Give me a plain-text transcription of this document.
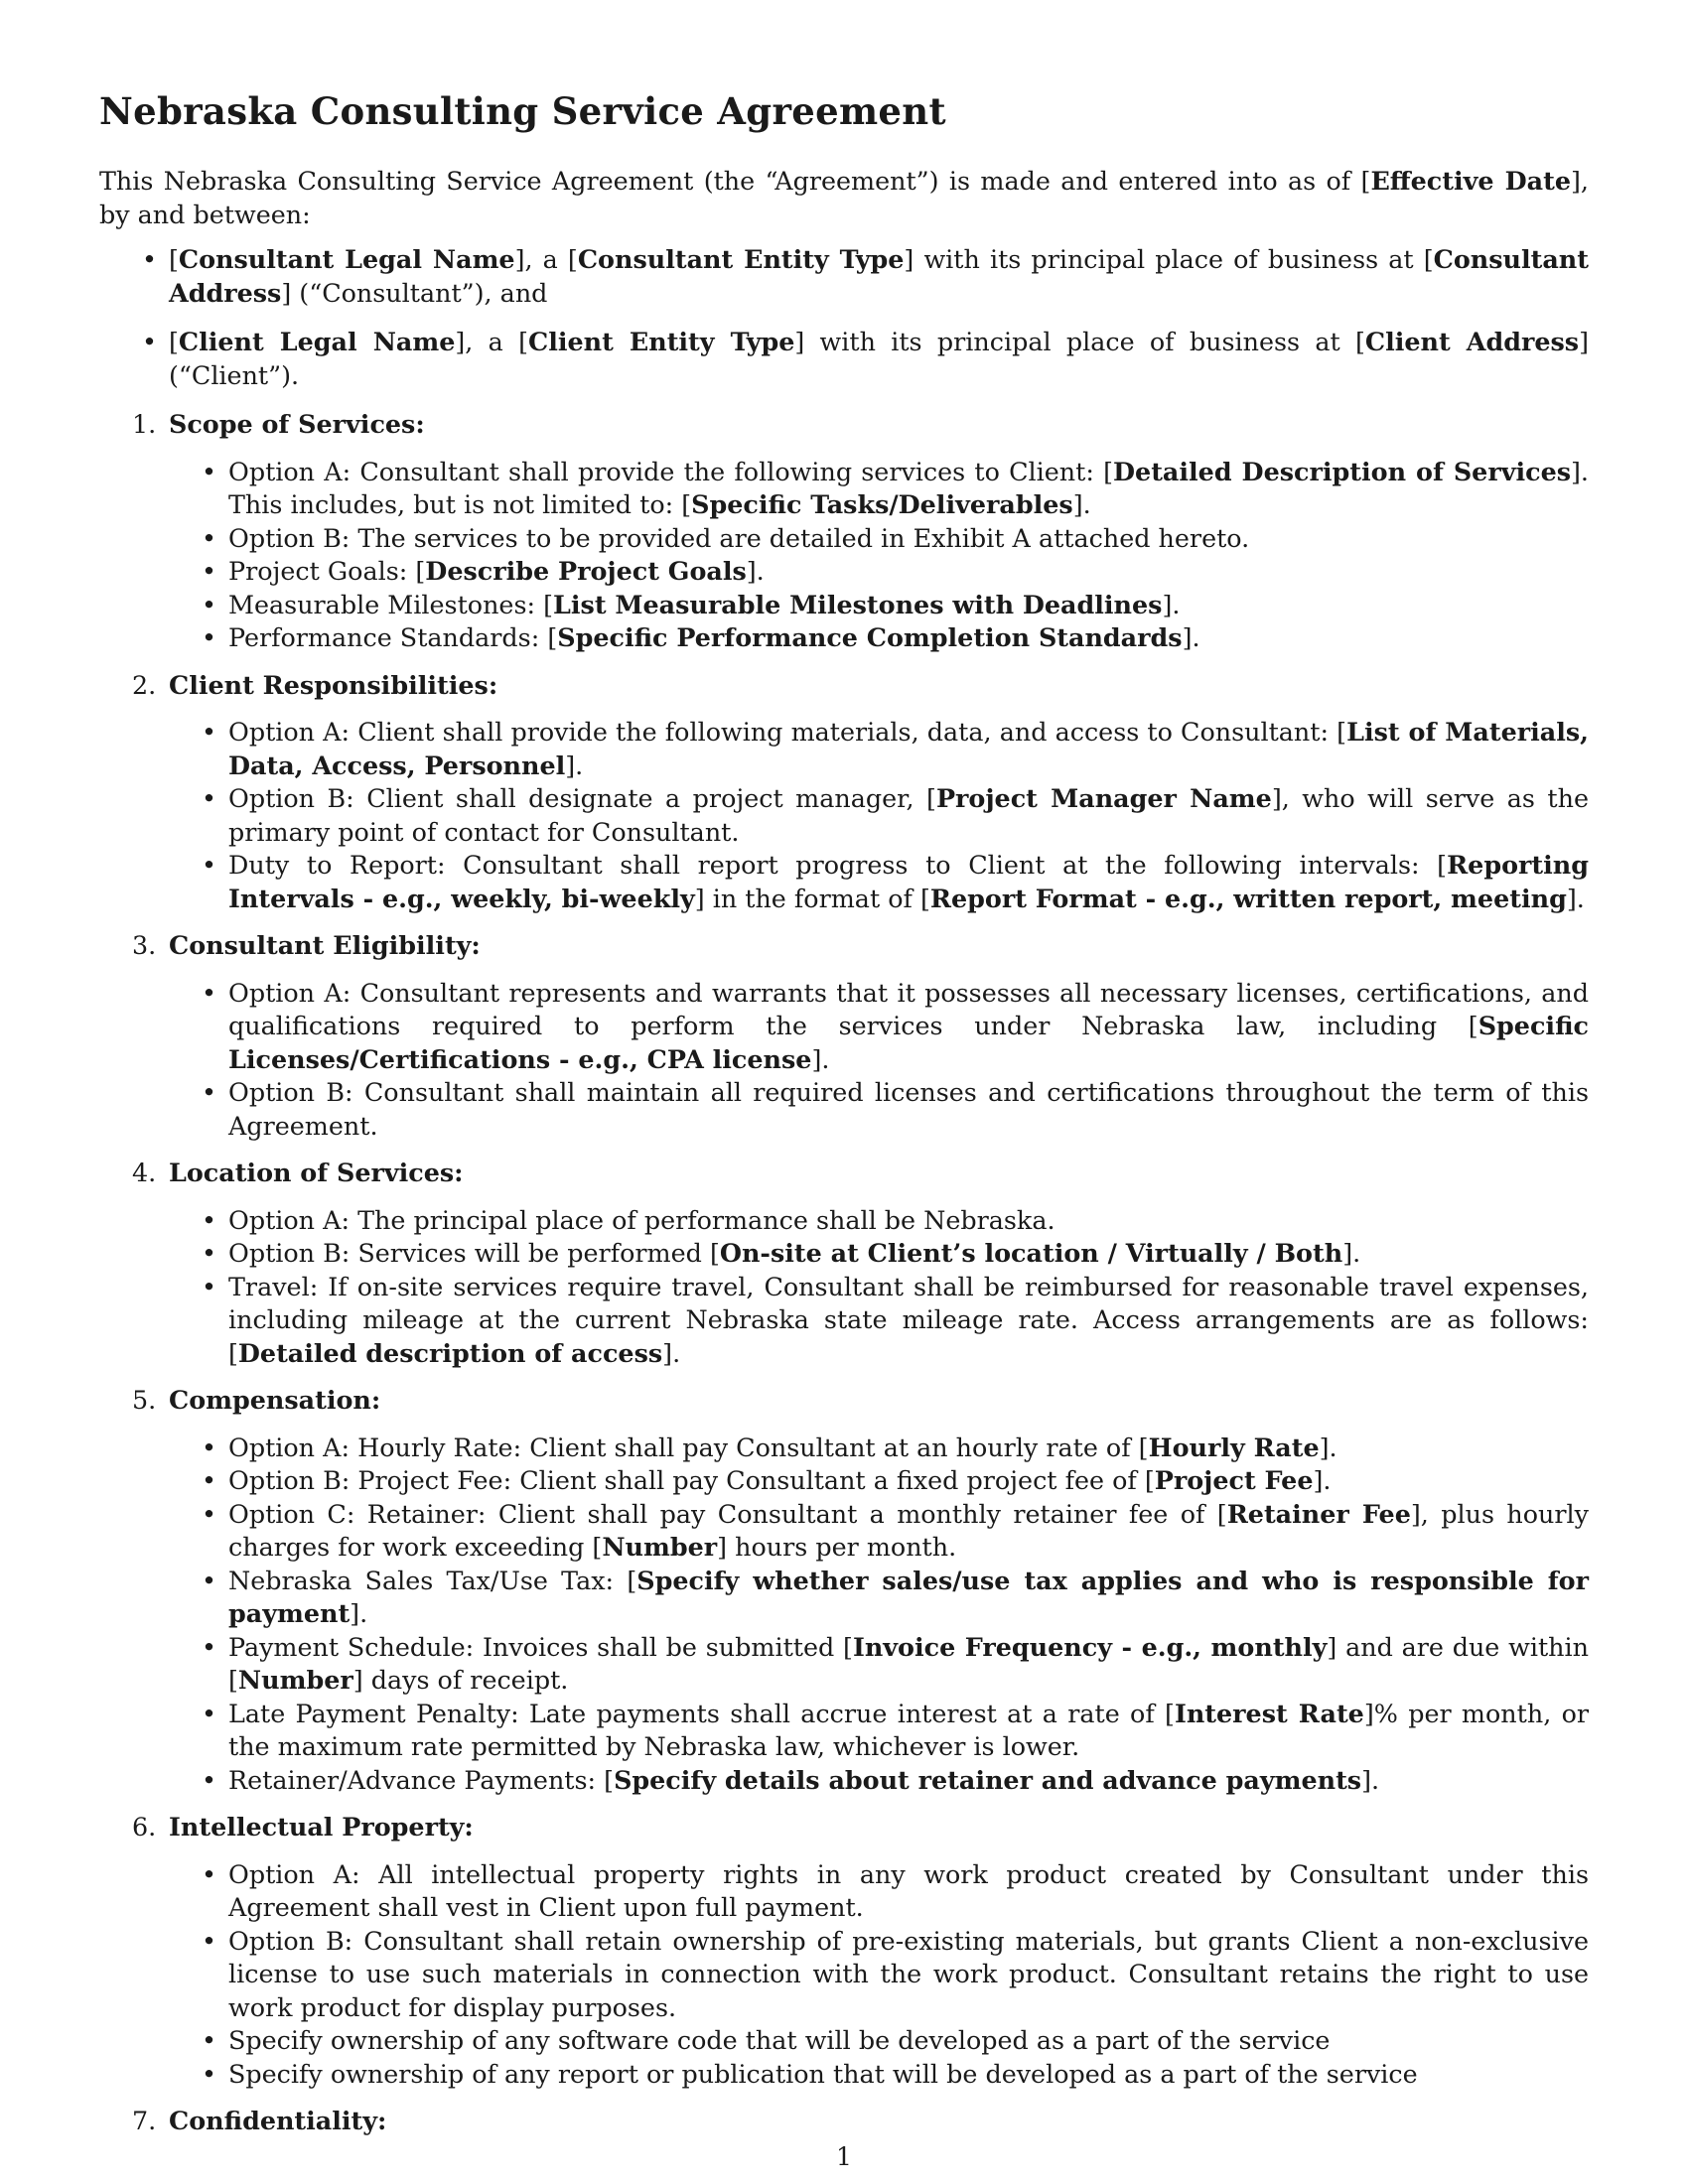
Nebraska Consulting Service Agreement

This Nebraska Consulting Service Agreement (the “Agreement”) is made and entered into as of [Effective Date], by and between:

• [Consultant Legal Name], a [Consultant Entity Type] with its principal place of business at [Consultant Address] (“Consultant”), and
• [Client Legal Name], a [Client Entity Type] with its principal place of business at [Client Address] (“Client”).
1. Scope of Services:
• Option A: Consultant shall provide the following services to Client: [Detailed Description of Services]. This includes, but is not limited to: [Specific Tasks/Deliverables].
• Option B: The services to be provided are detailed in Exhibit A attached hereto.
• Project Goals: [Describe Project Goals].
• Measurable Milestones: [List Measurable Milestones with Deadlines].
• Performance Standards: [Specific Performance Completion Standards].
2. Client Responsibilities:
• Option A: Client shall provide the following materials, data, and access to Consultant: [List of Materials, Data, Access, Personnel].
• Option B: Client shall designate a project manager, [Project Manager Name], who will serve as the primary point of contact for Consultant.
• Duty to Report: Consultant shall report progress to Client at the following intervals: [Reporting Intervals - e.g., weekly, bi-weekly] in the format of [Report Format - e.g., written report, meeting].
3. Consultant Eligibility:
• Option A: Consultant represents and warrants that it possesses all necessary licenses, certifications, and qualifications required to perform the services under Nebraska law, including [Specific Licenses/Certifications - e.g., CPA license].
• Option B: Consultant shall maintain all required licenses and certifications throughout the term of this Agreement.
4. Location of Services:
• Option A: The principal place of performance shall be Nebraska.
• Option B: Services will be performed [On-site at Client’s location / Virtually / Both].
• Travel: If on-site services require travel, Consultant shall be reimbursed for reasonable travel expenses, including mileage at the current Nebraska state mileage rate. Access arrangements are as follows: [Detailed description of access].
5. Compensation:
• Option A: Hourly Rate: Client shall pay Consultant at an hourly rate of [Hourly Rate].
• Option B: Project Fee: Client shall pay Consultant a fixed project fee of [Project Fee].
• Option C: Retainer: Client shall pay Consultant a monthly retainer fee of [Retainer Fee], plus hourly charges for work exceeding [Number] hours per month.
• Nebraska Sales Tax/Use Tax: [Specify whether sales/use tax applies and who is responsible for payment].
• Payment Schedule: Invoices shall be submitted [Invoice Frequency - e.g., monthly] and are due within [Number] days of receipt.
• Late Payment Penalty: Late payments shall accrue interest at a rate of [Interest Rate]% per month, or the maximum rate permitted by Nebraska law, whichever is lower.
• Retainer/Advance Payments: [Specify details about retainer and advance payments].
6. Intellectual Property:
• Option A: All intellectual property rights in any work product created by Consultant under this Agreement shall vest in Client upon full payment.
• Option B: Consultant shall retain ownership of pre-existing materials, but grants Client a non-exclusive license to use such materials in connection with the work product. Consultant retains the right to use work product for display purposes.
• Specify ownership of any software code that will be developed as a part of the service
• Specify ownership of any report or publication that will be developed as a part of the service
7. Confidentiality:
1
